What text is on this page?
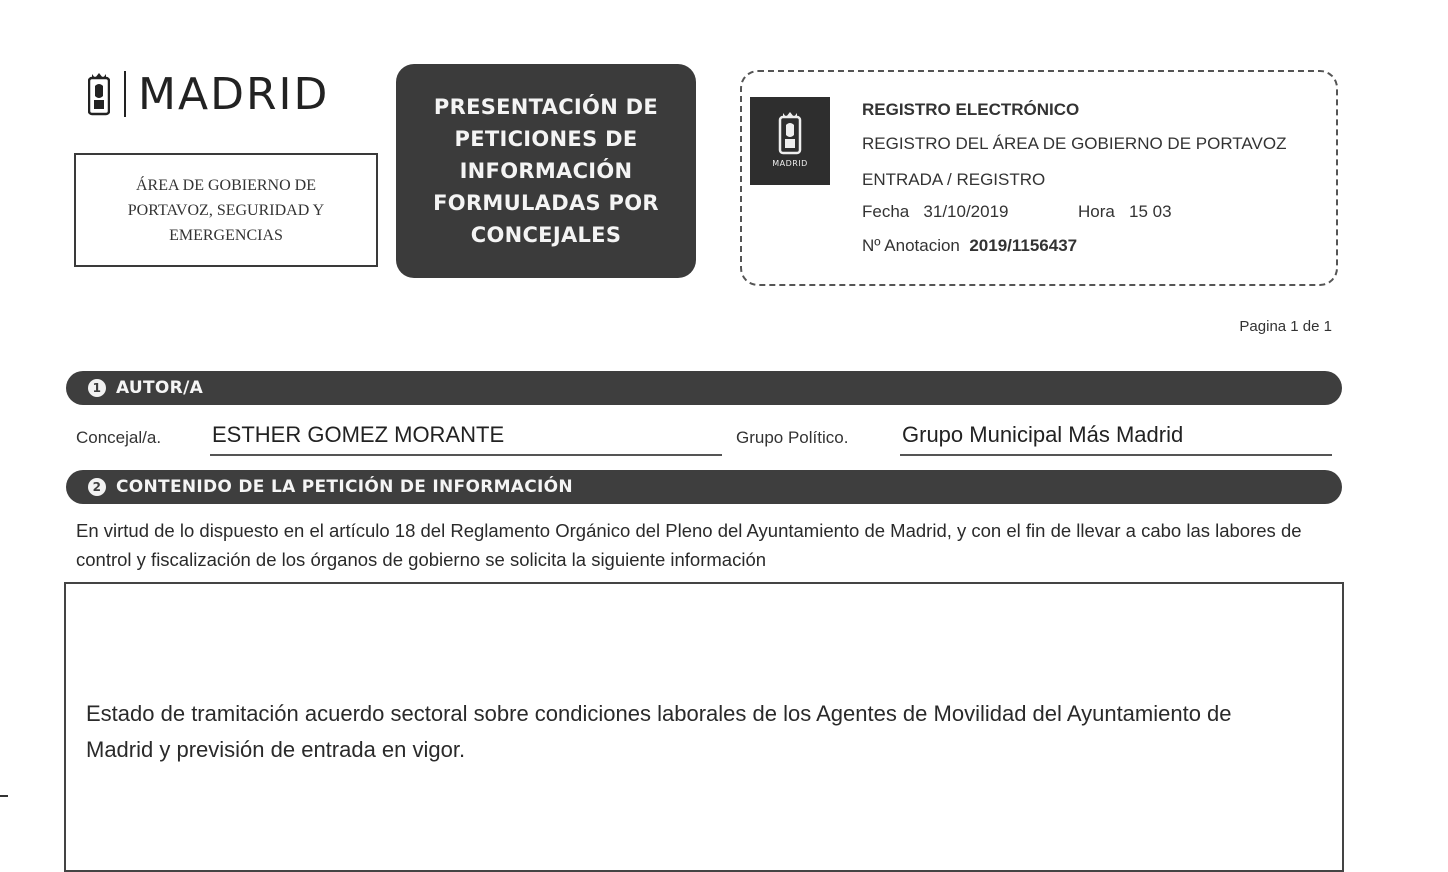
MADRID
ÁREA DE GOBIERNO DE PORTAVOZ, SEGURIDAD Y EMERGENCIAS
PRESENTACIÓN DE
PETICIONES DE
INFORMACIÓN
FORMULADAS POR
CONCEJALES
MADRID
REGISTRO ELECTRÓNICO
REGISTRO DEL ÁREA DE GOBIERNO DE PORTAVOZ
ENTRADA / REGISTRO
Fecha 31/10/2019	Hora 15 03
Nº Anotacion 2019/1156437
Pagina 1 de 1
1 AUTOR/A
Concejal/a. ESTHER GOMEZ MORANTE	Grupo Político. Grupo Municipal Más Madrid
2 CONTENIDO DE LA PETICIÓN DE INFORMACIÓN
En virtud de lo dispuesto en el artículo 18 del Reglamento Orgánico del Pleno del Ayuntamiento de Madrid, y con el fin de llevar a cabo las labores de control y fiscalización de los órganos de gobierno se solicita la siguiente información
Estado de tramitación acuerdo sectoral sobre condiciones laborales de los Agentes de Movilidad del Ayuntamiento de Madrid y previsión de entrada en vigor.
